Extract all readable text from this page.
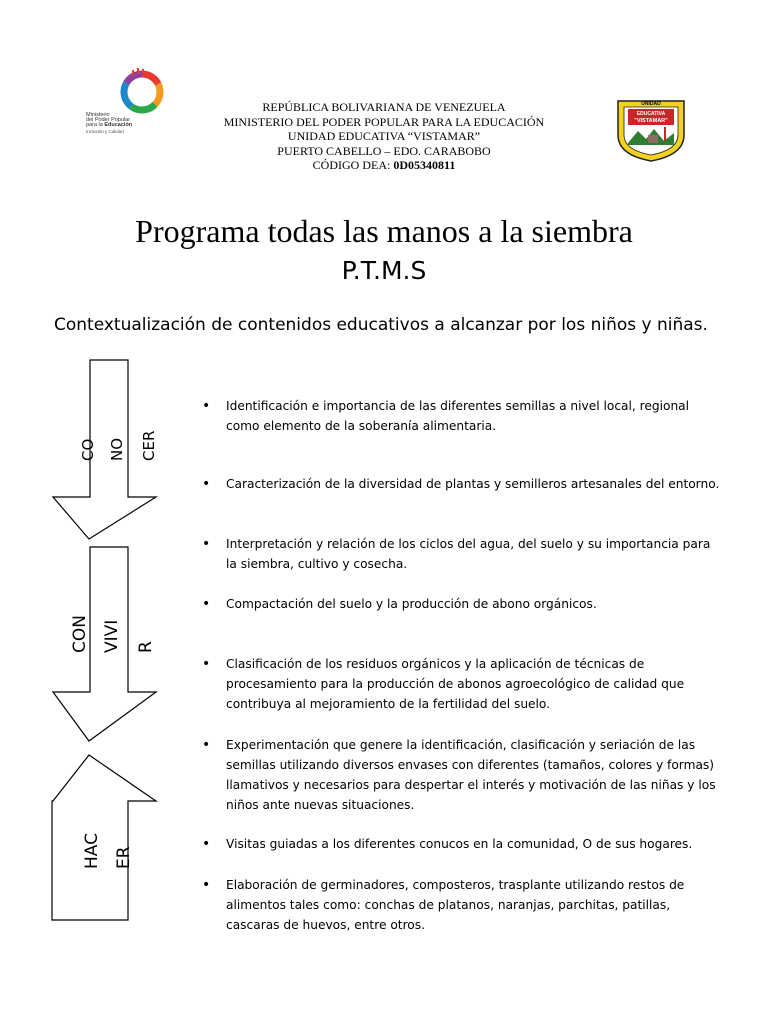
Ministerio
del Poder Popular
para la Educación
Inclusión y Calidad
REPÚBLICA BOLIVARIANA DE VENEZUELA
MINISTERIO DEL PODER POPULAR PARA LA EDUCACIÓN
UNIDAD EDUCATIVA “VISTAMAR”
PUERTO CABELLO – EDO. CARABOBO
CÓDIGO DEA: 0D05340811
UNIDAD
EDUCATIVA
"VISTAMAR"
Programa todas las manos a la siembra
P.T.M.S
Contextualización de contenidos educativos a alcanzar por los niños y niñas.
CO NO CER
CON VIVI R
HAC ER
• Identificación e importancia de las diferentes semillas a nivel local, regional como elemento de la soberanía alimentaria.
• Caracterización de la diversidad de plantas y semilleros artesanales del entorno.
• Interpretación y relación de los ciclos del agua, del suelo y su importancia para la siembra, cultivo y cosecha.
• Compactación del suelo y la producción de abono orgánicos.
• Clasificación de los residuos orgánicos y la aplicación de técnicas de procesamiento para la producción de abonos agroecológico de calidad que contribuya al mejoramiento de la fertilidad del suelo.
• Experimentación que genere la identificación, clasificación y seriación de las semillas utilizando diversos envases con diferentes (tamaños, colores y formas) llamativos y necesarios para despertar el interés y motivación de las niñas y los niños ante nuevas situaciones.
• Visitas guiadas a los diferentes conucos en la comunidad, O de sus hogares.
• Elaboración de germinadores, composteros, trasplante utilizando restos de alimentos tales como: conchas de platanos, naranjas, parchitas, patillas, cascaras de huevos, entre otros.
